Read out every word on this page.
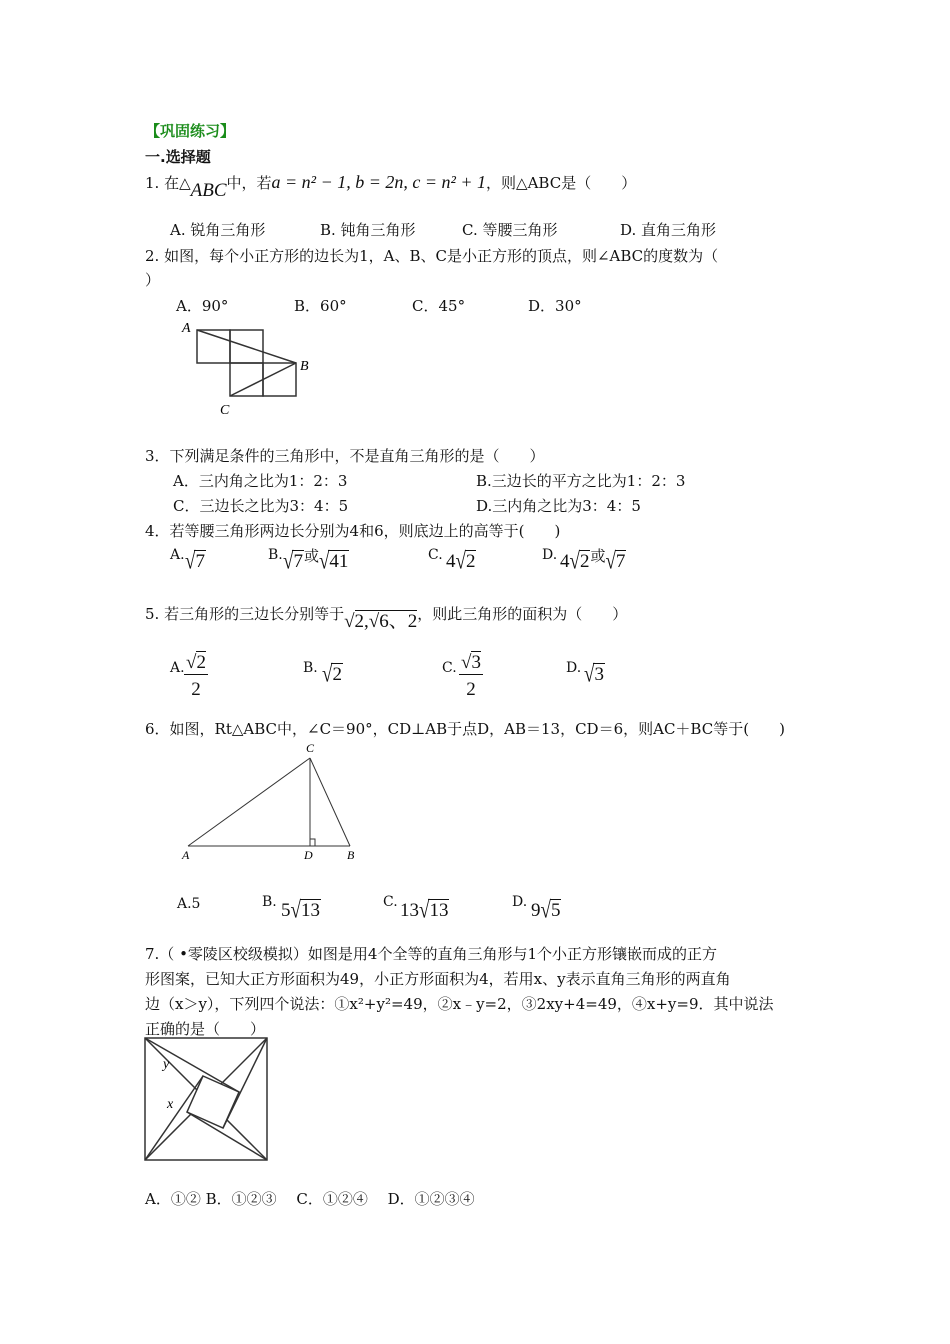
【巩固练习】
一.选择题
1. 在△ABC中，若a = n² − 1, b = 2n, c = n² + 1，则△ABC是（　　）
A. 锐角三角形	B. 钝角三角形	C. 等腰三角形	D. 直角三角形
2. 如图，每个小正方形的边长为1，A、B、C是小正方形的顶点，则∠ABC的度数为（
）
A．90°	B．60°	C．45°	D．30°
A
B
C
3．下列满足条件的三角形中，不是直角三角形的是（　　）
A．三内角之比为1：2：3	B.三边长的平方之比为1：2：3
C．三边长之比为3：4：5	D.三内角之比为3：4：5
4．若等腰三角形两边长分别为4和6，则底边上的高等于(　　)
A. √7	B. √7或√41	C. 4√2	D. 4√2或√7
5. 若三角形的三边长分别等于√2,√6、2，则此三角形的面积为（　　）
A. $\frac{√2}{2}$	B. √2	C. $\frac{√3}{2}$	D. √3
6．如图，Rt△ABC中，∠C＝90°，CD⊥AB于点D，AB＝13，CD＝6，则AC＋BC等于(　　)
C
A	D	B
A.5	B. 5√13	C. 13√13	D. 9√5
7.（ •零陵区校级模拟）如图是用4个全等的直角三角形与1个小正方形镶嵌而成的正方
形图案，已知大正方形面积为49，小正方形面积为4，若用x、y表示直角三角形的两直角
边（x＞y），下列四个说法：①x²+y²=49，②x﹣y=2，③2xy+4=49，④x+y=9．其中说法
正确的是（　　）
y
x
A．①② B．①②③　 C．①②④　 D．①②③④
